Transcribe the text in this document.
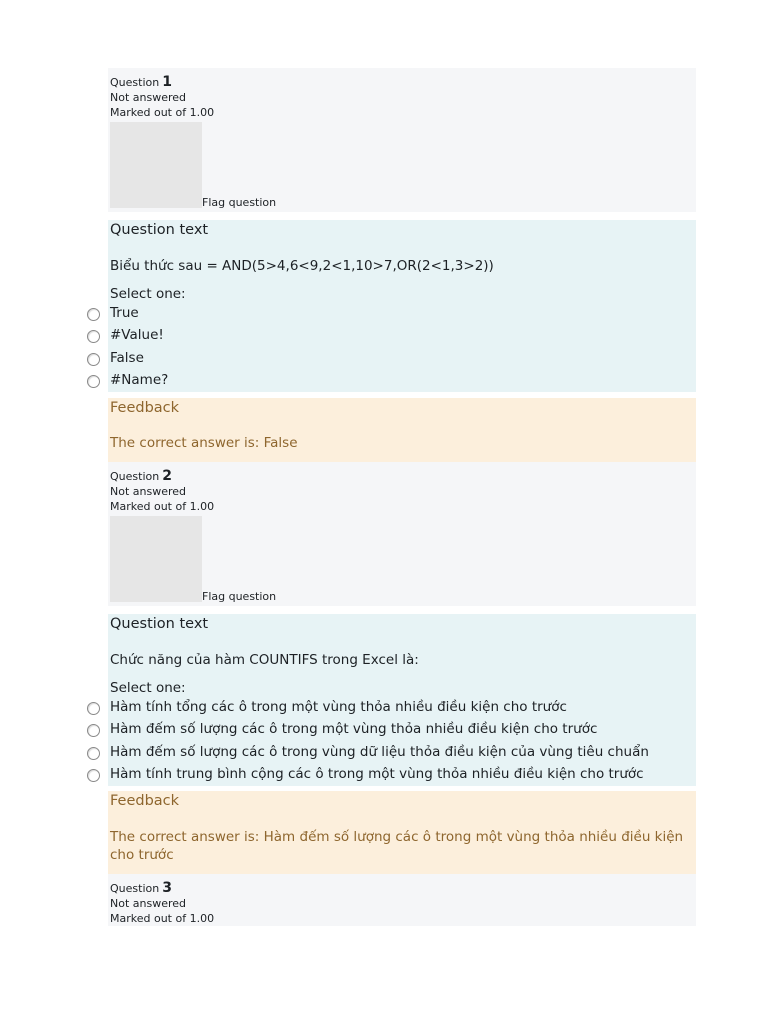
Question 1
Not answered
Marked out of 1.00
Flag question
Question text
Biểu thức sau = AND(5>4,6<9,2<1,10>7,OR(2<1,3>2))
Select one:
True
#Value!
False
#Name?
Feedback
The correct answer is: False
Question 2
Not answered
Marked out of 1.00
Flag question
Question text
Chức năng của hàm COUNTIFS trong Excel là:
Select one:
Hàm tính tổng các ô trong một vùng thỏa nhiều điều kiện cho trước
Hàm đếm số lượng các ô trong một vùng thỏa nhiều điều kiện cho trước
Hàm đếm số lượng các ô trong vùng dữ liệu thỏa điều kiện của vùng tiêu chuẩn
Hàm tính trung bình cộng các ô trong một vùng thỏa nhiều điều kiện cho trước
Feedback
The correct answer is: Hàm đếm số lượng các ô trong một vùng thỏa nhiều điều kiện cho trước
Question 3
Not answered
Marked out of 1.00
